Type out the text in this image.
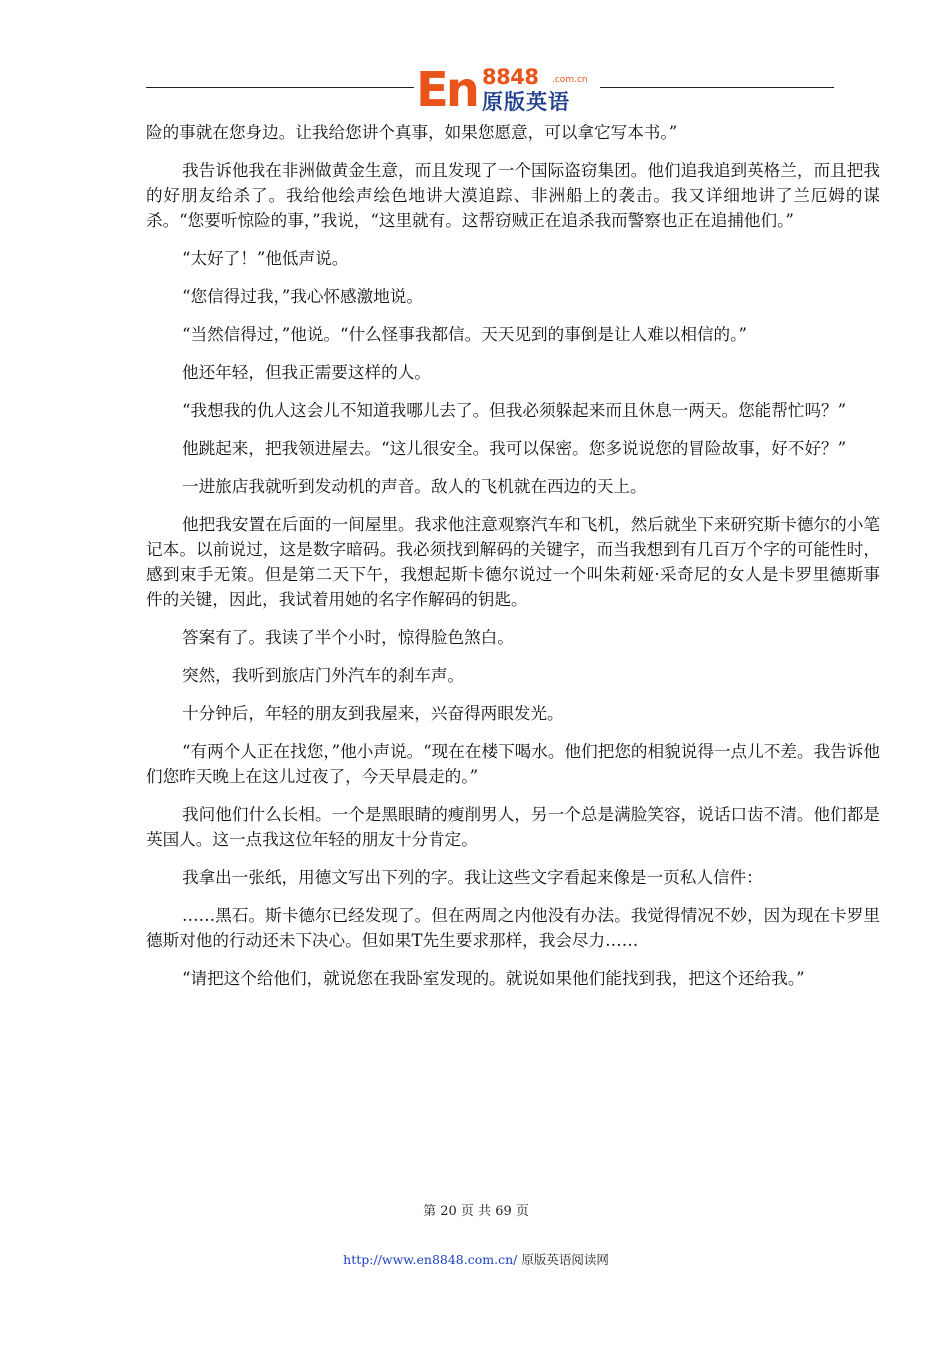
En 8848 .com.cn
原版英语

险的事就在您身边。让我给您讲个真事，如果您愿意，可以拿它写本书。”

我告诉他我在非洲做黄金生意，而且发现了一个国际盗窃集团。他们追我追到英格兰，而且把我的好朋友给杀了。我给他绘声绘色地讲大漠追踪、非洲船上的袭击。我又详细地讲了兰厄姆的谋杀。“您要听惊险的事，”我说，“这里就有。这帮窃贼正在追杀我而警察也正在追捕他们。”

“太好了！”他低声说。

“您信得过我，”我心怀感激地说。

“当然信得过，”他说。“什么怪事我都信。天天见到的事倒是让人难以相信的。”

他还年轻，但我正需要这样的人。

“我想我的仇人这会儿不知道我哪儿去了。但我必须躲起来而且休息一两天。您能帮忙吗？”

他跳起来，把我领进屋去。“这儿很安全。我可以保密。您多说说您的冒险故事，好不好？”

一进旅店我就听到发动机的声音。敌人的飞机就在西边的天上。

他把我安置在后面的一间屋里。我求他注意观察汽车和飞机，然后就坐下来研究斯卡德尔的小笔记本。以前说过，这是数字暗码。我必须找到解码的关键字，而当我想到有几百万个字的可能性时，感到束手无策。但是第二天下午，我想起斯卡德尔说过一个叫朱莉娅·采奇尼的女人是卡罗里德斯事件的关键，因此，我试着用她的名字作解码的钥匙。

答案有了。我读了半个小时，惊得脸色煞白。

突然，我听到旅店门外汽车的刹车声。

十分钟后，年轻的朋友到我屋来，兴奋得两眼发光。

“有两个人正在找您，”他小声说。“现在在楼下喝水。他们把您的相貌说得一点儿不差。我告诉他们您昨天晚上在这儿过夜了，今天早晨走的。”

我问他们什么长相。一个是黑眼睛的瘦削男人，另一个总是满脸笑容，说话口齿不清。他们都是英国人。这一点我这位年轻的朋友十分肯定。

我拿出一张纸，用德文写出下列的字。我让这些文字看起来像是一页私人信件：

……黑石。斯卡德尔已经发现了。但在两周之内他没有办法。我觉得情况不妙，因为现在卡罗里德斯对他的行动还未下决心。但如果T先生要求那样，我会尽力……

“请把这个给他们，就说您在我卧室发现的。就说如果他们能找到我，把这个还给我。”

第 20 页 共 69 页
http://www.en8848.com.cn/ 原版英语阅读网
